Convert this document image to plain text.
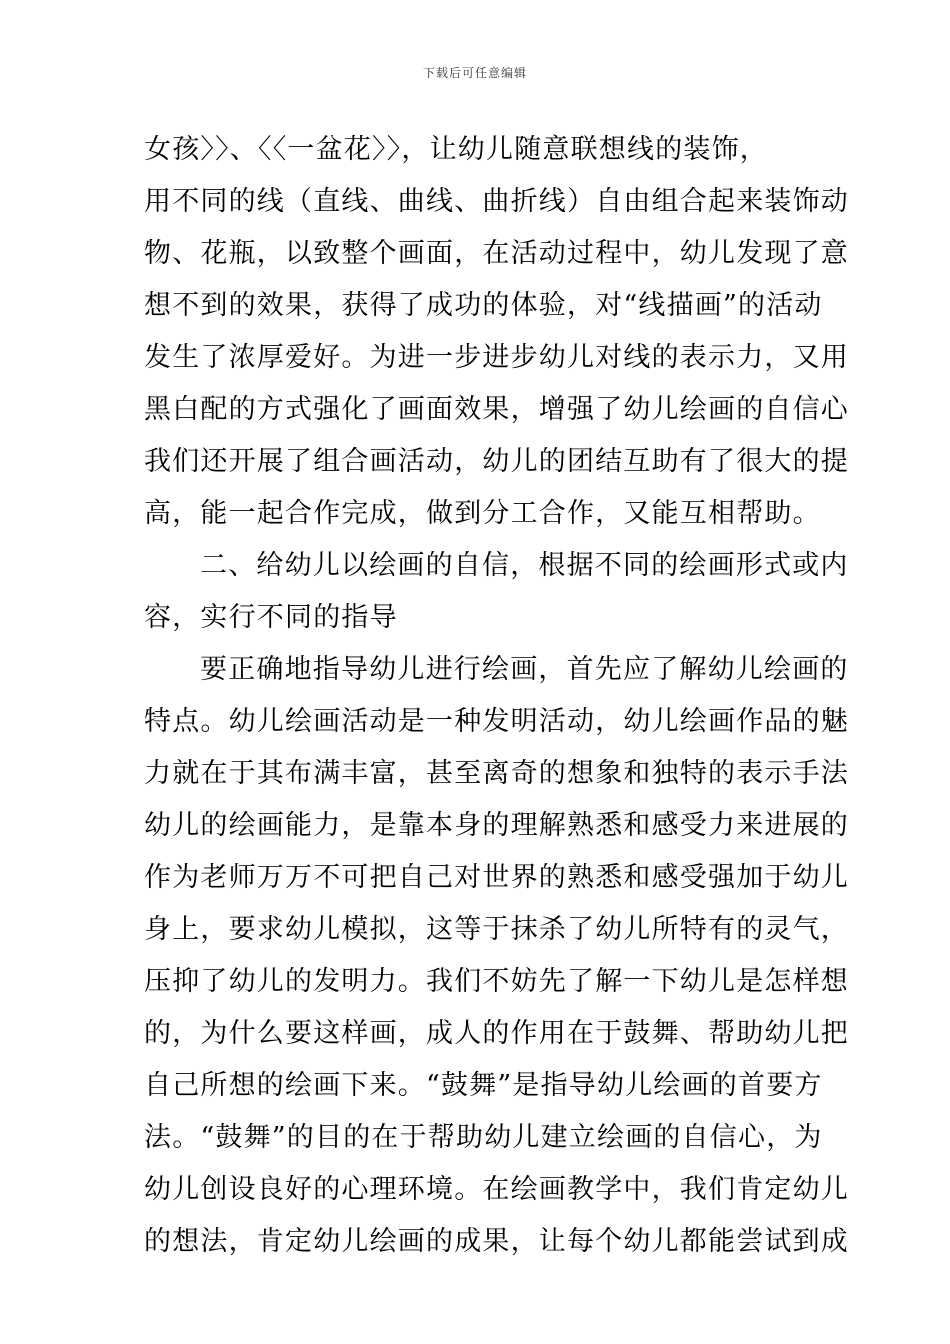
下载后可任意编辑
女孩〉〉、〈〈一盆花〉〉，让幼儿随意联想线的装饰，
用不同的线（直线、曲线、曲折线）自由组合起来装饰动
物、花瓶，以致整个画面，在活动过程中，幼儿发现了意
想不到的效果，获得了成功的体验，对“线描画”的活动
发生了浓厚爱好。为进一步进步幼儿对线的表示力，又用
黑白配的方式强化了画面效果，增强了幼儿绘画的自信心
我们还开展了组合画活动，幼儿的团结互助有了很大的提
高，能一起合作完成，做到分工合作，又能互相帮助。
二、给幼儿以绘画的自信，根据不同的绘画形式或内
容，实行不同的指导
要正确地指导幼儿进行绘画，首先应了解幼儿绘画的
特点。幼儿绘画活动是一种发明活动，幼儿绘画作品的魅
力就在于其布满丰富，甚至离奇的想象和独特的表示手法
幼儿的绘画能力，是靠本身的理解熟悉和感受力来进展的
作为老师万万不可把自己对世界的熟悉和感受强加于幼儿
身上，要求幼儿模拟，这等于抹杀了幼儿所特有的灵气，
压抑了幼儿的发明力。我们不妨先了解一下幼儿是怎样想
的，为什么要这样画，成人的作用在于鼓舞、帮助幼儿把
自己所想的绘画下来。“鼓舞”是指导幼儿绘画的首要方
法。“鼓舞”的目的在于帮助幼儿建立绘画的自信心，为
幼儿创设良好的心理环境。在绘画教学中，我们肯定幼儿
的想法，肯定幼儿绘画的成果，让每个幼儿都能尝试到成
